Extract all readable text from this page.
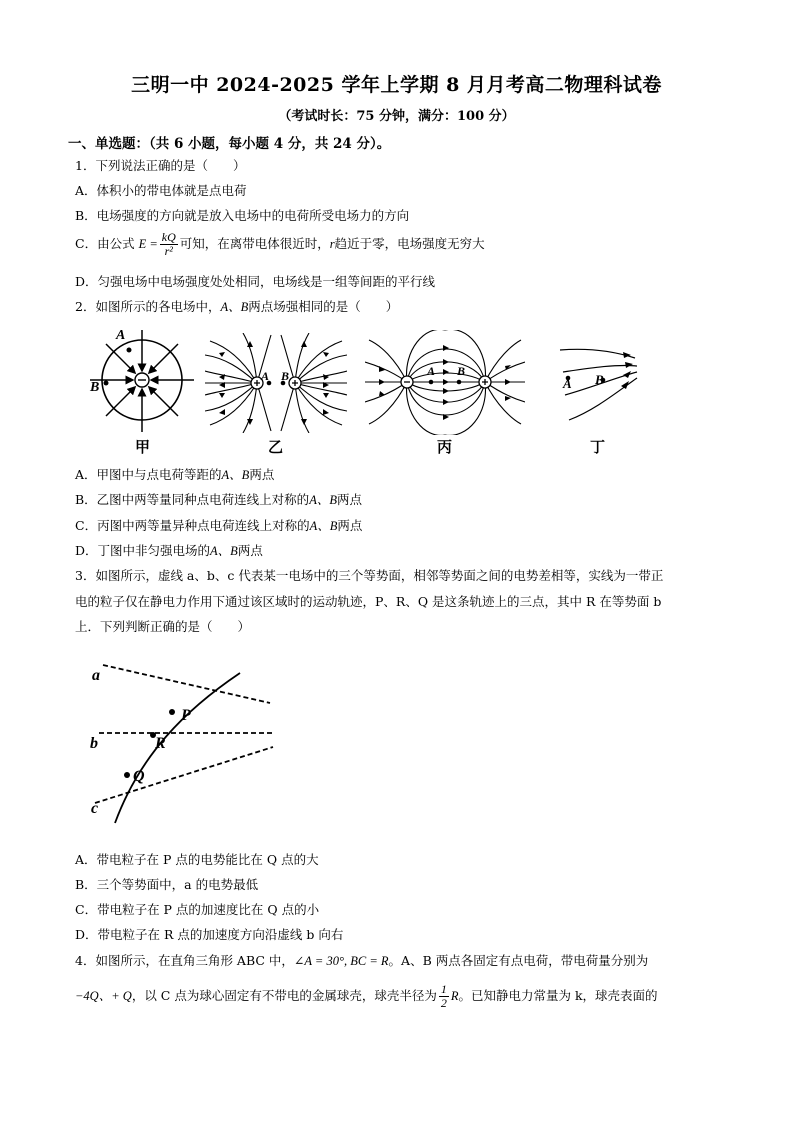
三明一中 2024-2025 学年上学期 8 月月考高二物理科试卷
（考试时长：75 分钟，满分：100 分）
一、单选题：（共 6 小题，每小题 4 分，共 24 分）。
1．下列说法正确的是（　　）
A．体积小的带电体就是点电荷
B．电场强度的方向就是放入电场中的电荷所受电场力的方向
C．由公式 $E = \frac{kQ}{\text{r²}}$ 可知，在离带电体很近时，r趋近于零，电场强度无穷大
D．匀强电场中电场强度处处相同，电场线是一组等间距的平行线
2．如图所示的各电场中，A、B两点场强相同的是（　　）
A
B
甲
A B
乙
A B
丙
A B
丁
A．甲图中与点电荷等距的A、B两点
B．乙图中两等量同种点电荷连线上对称的A、B两点
C．丙图中两等量异种点电荷连线上对称的A、B两点
D．丁图中非匀强电场的A、B两点
3．如图所示，虚线 a、b、c 代表某一电场中的三个等势面，相邻等势面之间的电势差相等，实线为一带正
电的粒子仅在静电力作用下通过该区域时的运动轨迹，P、R、Q 是这条轨迹上的三点，其中 R 在等势面 b
上．下列判断正确的是（　　）
a
b
c
P
R
Q
A．带电粒子在 P 点的电势能比在 Q 点的大
B．三个等势面中，a 的电势最低
C．带电粒子在 P 点的加速度比在 Q 点的小
D．带电粒子在 R 点的加速度方向沿虚线 b 向右
4．如图所示，在直角三角形 ABC 中，∠A = 30°, BC = R。A、B 两点各固定有点电荷，带电荷量分别为
−4Q、+ Q，以 C 点为球心固定有不带电的金属球壳，球壳半径为 $\frac{1}{2}$ R。已知静电力常量为 k，球壳表面的
